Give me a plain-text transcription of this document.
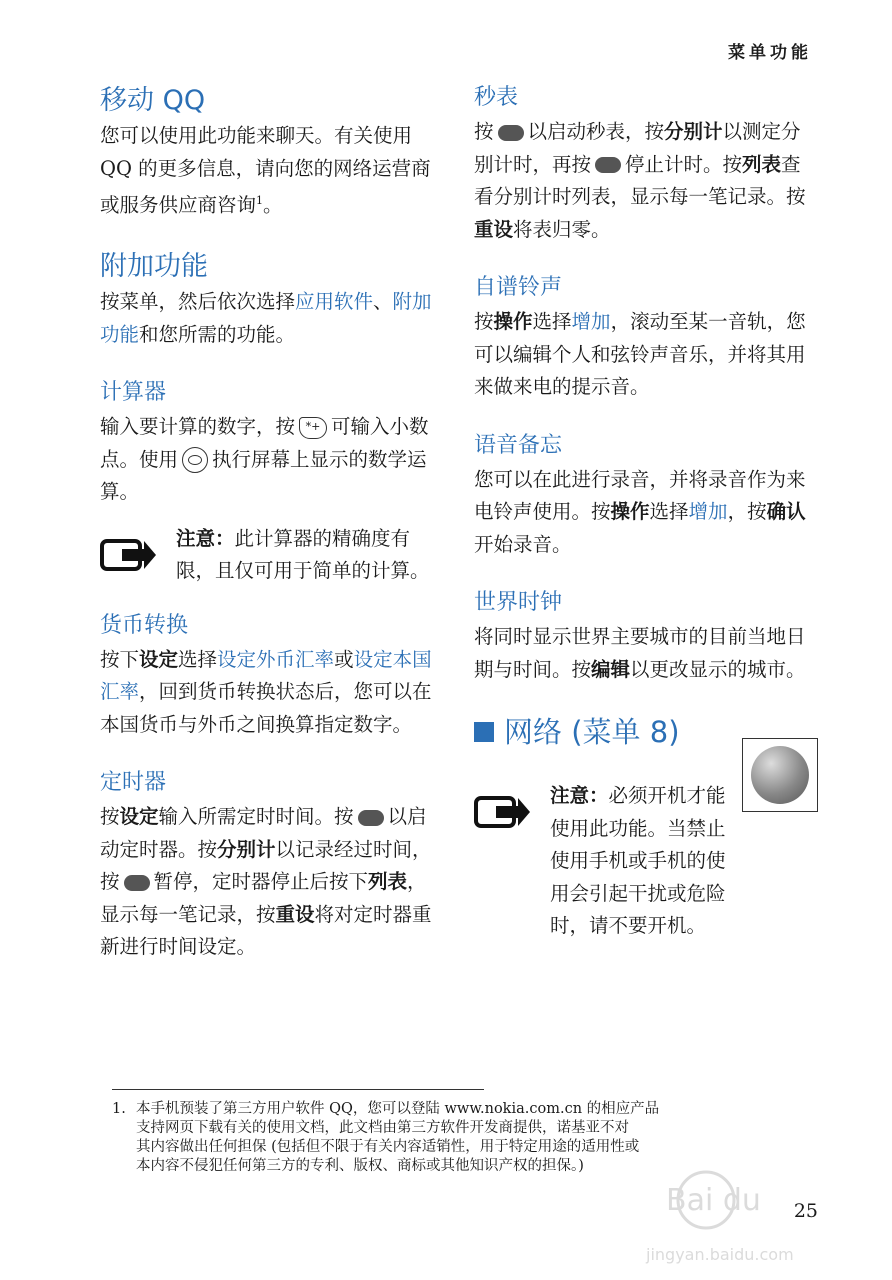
菜单功能
移动 QQ
您可以使用此功能来聊天。有关使用 QQ 的更多信息，请向您的网络运营商或服务供应商咨询$^1$。
附加功能
按菜单，然后依次选择应用软件、附加功能和您所需的功能。
计算器
输入要计算的数字，按 *+ 可输入小数点。使用 执行屏幕上显示的数学运算。
注意：此计算器的精确度有限，且仅可用于简单的计算。
货币转换
按下设定选择设定外币汇率或设定本国汇率，回到货币转换状态后，您可以在本国货币与外币之间换算指定数字。
定时器
按设定输入所需定时时间。按 以启动定时器。按分别计以记录经过时间，按 暂停，定时器停止后按下列表，显示每一笔记录，按重设将对定时器重新进行时间设定。
秒表
按 以启动秒表，按分别计以测定分别计时，再按 停止计时。按列表查看分别计时列表，显示每一笔记录。按重设将表归零。
自谱铃声
按操作选择增加，滚动至某一音轨，您可以编辑个人和弦铃声音乐，并将其用来做来电的提示音。
语音备忘
您可以在此进行录音，并将录音作为来电铃声使用。按操作选择增加，按确认开始录音。
世界时钟
将同时显示世界主要城市的目前当地日期与时间。按编辑以更改显示的城市。
网络 (菜单 8)
注意：必须开机才能使用此功能。当禁止使用手机或手机的使用会引起干扰或危险时，请不要开机。
1. 本手机预装了第三方用户软件 QQ，您可以登陆 www.nokia.com.cn 的相应产品
支持网页下载有关的使用文档，此文档由第三方软件开发商提供，诺基亚不对
其内容做出任何担保 (包括但不限于有关内容适销性，用于特定用途的适用性或
本内容不侵犯任何第三方的专利、版权、商标或其他知识产权的担保。)
Bai du
jingyan.baidu.com
25
